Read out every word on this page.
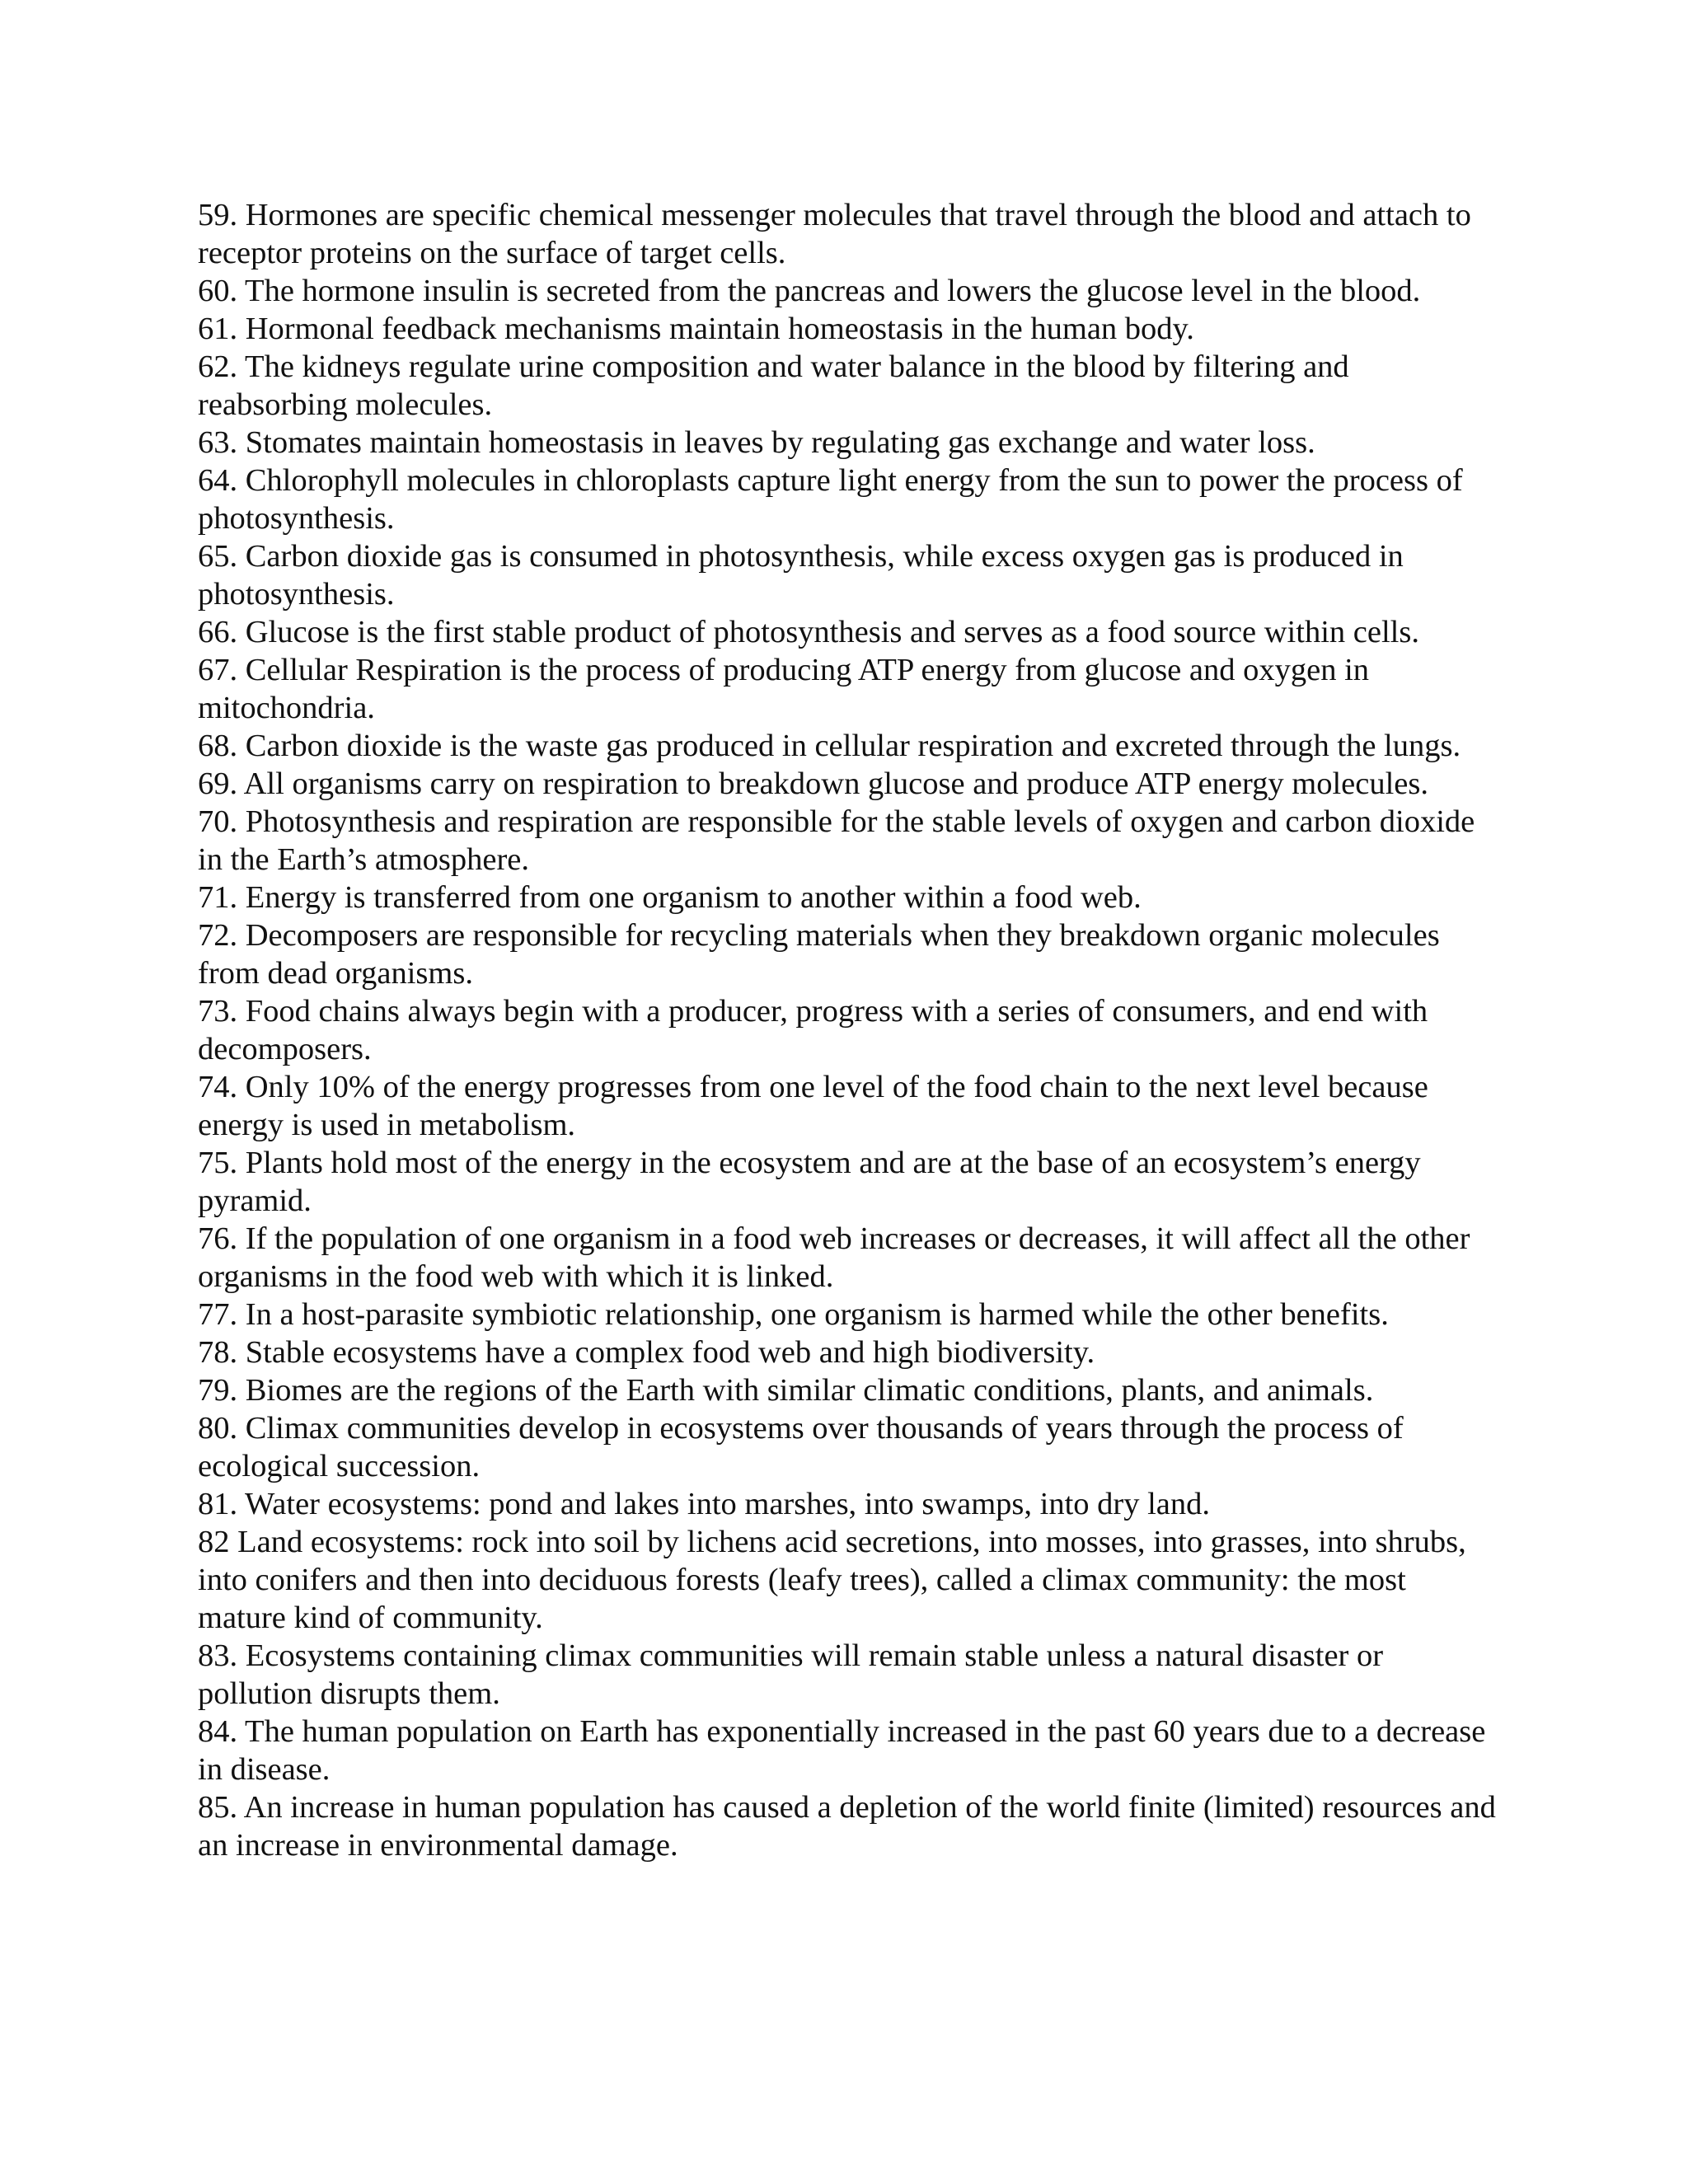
59. Hormones are specific chemical messenger molecules that travel through the blood and attach to receptor proteins on the surface of target cells.

60. The hormone insulin is secreted from the pancreas and lowers the glucose level in the blood.

61. Hormonal feedback mechanisms maintain homeostasis in the human body.

62. The kidneys regulate urine composition and water balance in the blood by filtering and reabsorbing molecules.

63. Stomates maintain homeostasis in leaves by regulating gas exchange and water loss.

64. Chlorophyll molecules in chloroplasts capture light energy from the sun to power the process of photosynthesis.

65. Carbon dioxide gas is consumed in photosynthesis, while excess oxygen gas is produced in photosynthesis.

66. Glucose is the first stable product of photosynthesis and serves as a food source within cells.

67. Cellular Respiration is the process of producing ATP energy from glucose and oxygen in mitochondria.

68. Carbon dioxide is the waste gas produced in cellular respiration and excreted through the lungs.

69. All organisms carry on respiration to breakdown glucose and produce ATP energy molecules.

70. Photosynthesis and respiration are responsible for the stable levels of oxygen and carbon dioxide in the Earth’s atmosphere.

71. Energy is transferred from one organism to another within a food web.

72. Decomposers are responsible for recycling materials when they breakdown organic molecules from dead organisms.

73. Food chains always begin with a producer, progress with a series of consumers, and end with decomposers.

74. Only 10% of the energy progresses from one level of the food chain to the next level because energy is used in metabolism.

75. Plants hold most of the energy in the ecosystem and are at the base of an ecosystem’s energy pyramid.

76. If the population of one organism in a food web increases or decreases, it will affect all the other organisms in the food web with which it is linked.

77. In a host-parasite symbiotic relationship, one organism is harmed while the other benefits.

78. Stable ecosystems have a complex food web and high biodiversity.

79. Biomes are the regions of the Earth with similar climatic conditions, plants, and animals.

80. Climax communities develop in ecosystems over thousands of years through the process of ecological succession.

81. Water ecosystems: pond and lakes into marshes, into swamps, into dry land.

82 Land ecosystems: rock into soil by lichens acid secretions, into mosses, into grasses, into shrubs, into conifers and then into deciduous forests (leafy trees), called a climax community: the most mature kind of community.

83. Ecosystems containing climax communities will remain stable unless a natural disaster or pollution disrupts them.

84. The human population on Earth has exponentially increased in the past 60 years due to a decrease in disease.

85. An increase in human population has caused a depletion of the world finite (limited) resources and an increase in environmental damage.
